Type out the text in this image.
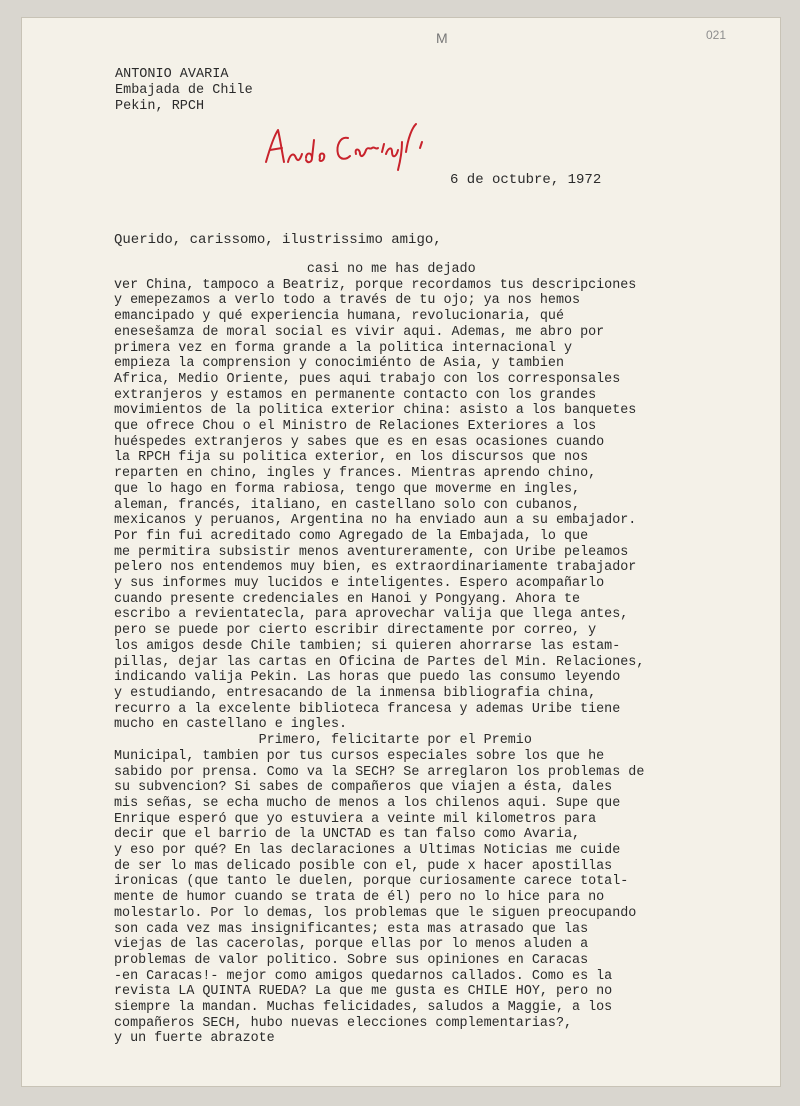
021
M
ANTONIO AVARIA
Embajada de Chile
Pekin, RPCH
6 de octubre, 1972
Querido, carissomo, ilustrissimo amigo,
casi no me has dejado
ver China, tampoco a Beatriz, porque recordamos tus descripciones
y emepezamos a verlo todo a través de tu ojo; ya nos hemos
emancipado y qué experiencia humana, revolucionaria, qué
enesešamza de moral social es vivir aqui. Ademas, me abro por
primera vez en forma grande a la politica internacional y
empieza la comprension y conocimiénto de Asia, y tambien
Africa, Medio Oriente, pues aqui trabajo con los corresponsales
extranjeros y estamos en permanente contacto con los grandes
movimientos de la politica exterior china: asisto a los banquetes
que ofrece Chou o el Ministro de Relaciones Exteriores a los
huéspedes extranjeros y sabes que es en esas ocasiones cuando
la RPCH fija su politica exterior, en los discursos que nos
reparten en chino, ingles y frances. Mientras aprendo chino,
que lo hago en forma rabiosa, tengo que moverme en ingles,
aleman, francés, italiano, en castellano solo con cubanos,
mexicanos y peruanos, Argentina no ha enviado aun a su embajador.
Por fin fui acreditado como Agregado de la Embajada, lo que
me permitira subsistir menos aventureramente, con Uribe peleamos
pelero nos entendemos muy bien, es extraordinariamente trabajador
y sus informes muy lucidos e inteligentes. Espero acompañarlo
cuando presente credenciales en Hanoi y Pongyang. Ahora te
escribo a revientatecla, para aprovechar valija que llega antes,
pero se puede por cierto escribir directamente por correo, y
los amigos desde Chile tambien; si quieren ahorrarse las estam-
pillas, dejar las cartas en Oficina de Partes del Min. Relaciones,
indicando valija Pekin. Las horas que puedo las consumo leyendo
y estudiando, entresacando de la inmensa bibliografia china,
recurro a la excelente biblioteca francesa y ademas Uribe tiene
mucho en castellano e ingles.
Primero, felicitarte por el Premio
Municipal, tambien por tus cursos especiales sobre los que he
sabido por prensa. Como va la SECH? Se arreglaron los problemas de
su subvencion? Si sabes de compañeros que viajen a ésta, dales
mis señas, se echa mucho de menos a los chilenos aqui. Supe que
Enrique esperó que yo estuviera a veinte mil kilometros para
decir que el barrio de la UNCTAD es tan falso como Avaria,
y eso por qué? En las declaraciones a Ultimas Noticias me cuide
de ser lo mas delicado posible con el, pude x hacer apostillas
ironicas (que tanto le duelen, porque curiosamente carece total-
mente de humor cuando se trata de él) pero no lo hice para no
molestarlo. Por lo demas, los problemas que le siguen preocupando
son cada vez mas insignificantes; esta mas atrasado que las
viejas de las cacerolas, porque ellas por lo menos aluden a
problemas de valor politico. Sobre sus opiniones en Caracas
-en Caracas!- mejor como amigos quedarnos callados. Como es la
revista LA QUINTA RUEDA? La que me gusta es CHILE HOY, pero no
siempre la mandan. Muchas felicidades, saludos a Maggie, a los
compañeros SECH, hubo nuevas elecciones complementarias?,
y un fuerte abrazote
